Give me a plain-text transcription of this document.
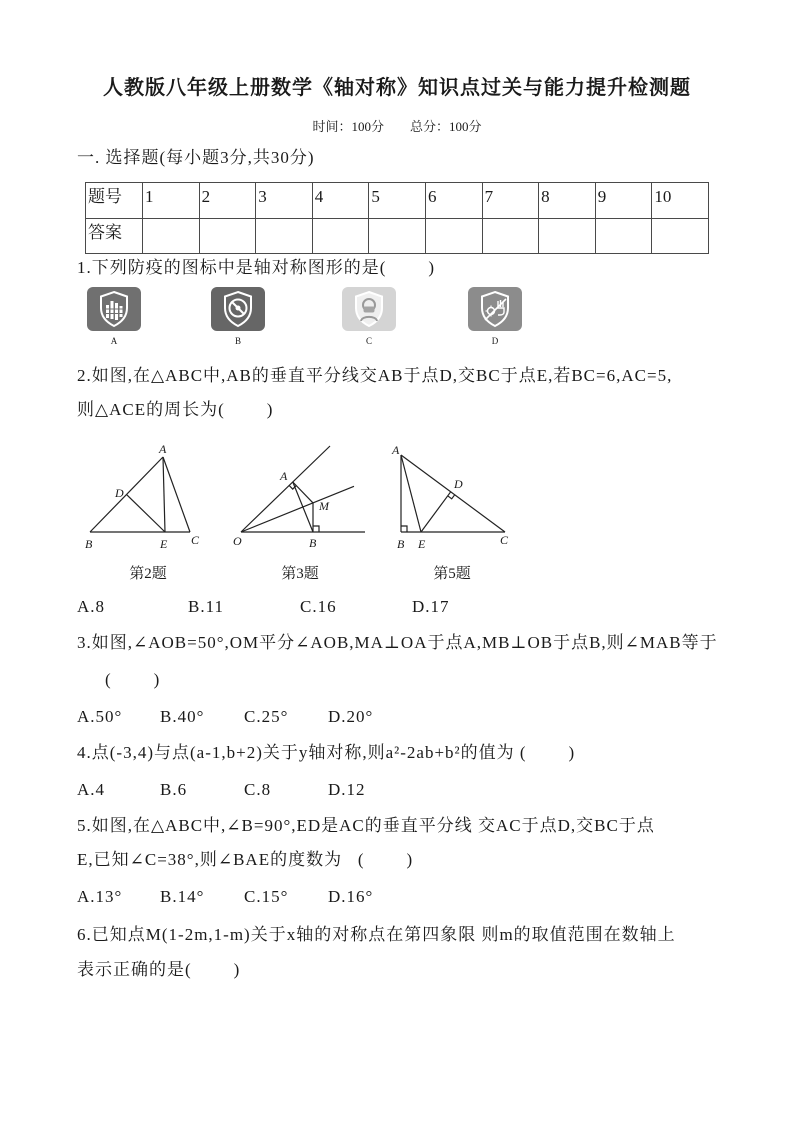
人教版八年级上册数学《轴对称》知识点过关与能力提升检测题
时间：100分 总分：100分
一. 选择题(每小题3分,共30分)
题号	1	2	3	4	5	6	7	8	9	10
答案										
1.下列防疫的图标中是轴对称图形的是(        )
A	B	C	D
2.如图,在△ABC中,AB的垂直平分线交AB于点D,交BC于点E,若BC=6,AC=5,
则△ACE的周长为(        )
A
D
B	E C
A
M
O	B
A
D
B E	C
第2题	第3题	第5题
A.8	B.11	C.16	D.17
3.如图,∠AOB=50°,OM平分∠AOB,MA⊥OA于点A,MB⊥OB于点B,则∠MAB等于
(        )
A.50° B.40° C.25° D.20°
4.点(-3,4)与点(a-1,b+2)关于y轴对称,则a²-2ab+b²的值为 (        )
A.4	B.6	C.8	D.12
5.如图,在△ABC中,∠B=90°,ED是AC的垂直平分线 交AC于点D,交BC于点
E,已知∠C=38°,则∠BAE的度数为   (        )
A.13° B.14° C.15° D.16°
6.已知点M(1-2m,1-m)关于x轴的对称点在第四象限 则m的取值范围在数轴上
表示正确的是(        )
